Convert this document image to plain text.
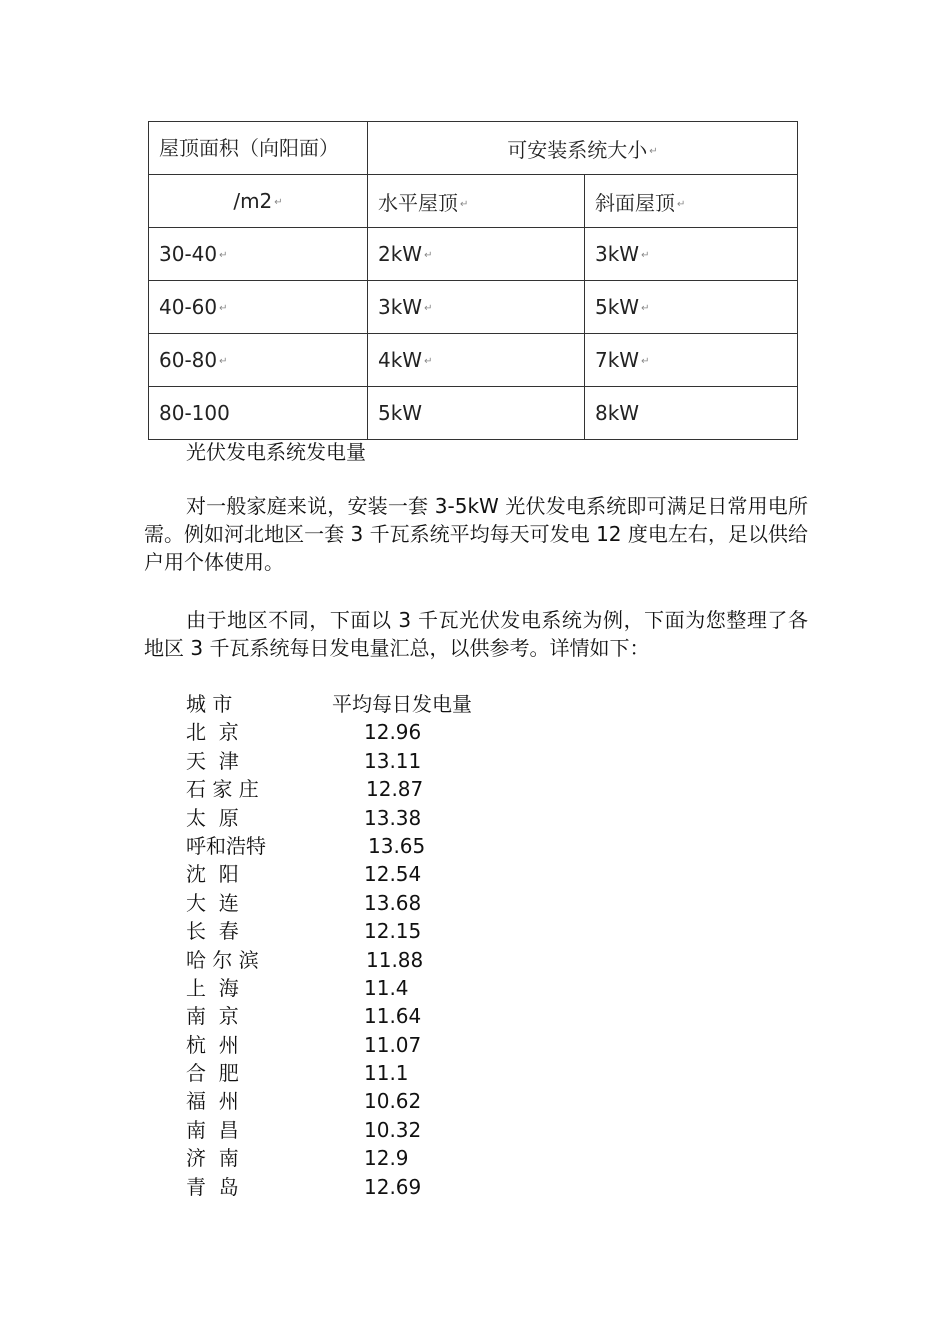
屋顶面积（向阳面）	可安装系统大小 ↵	
/m2 ↵	水平屋顶 ↵	斜面屋顶 ↵
30-40 ↵	2kW ↵	3kW ↵
40-60 ↵	3kW ↵	5kW ↵
60-80 ↵	4kW ↵	7kW ↵
80-100	5kW	8kW
光伏发电系统发电量

对一般家庭来说，安装一套 3-5kW 光伏发电系统即可满足日常用电所需。例如河北地区一套 3 千瓦系统平均每天可发电 12 度电左右，足以供给户用个体使用。

由于地区不同，下面以 3 千瓦光伏发电系统为例，下面为您整理了各地区 3 千瓦系统每日发电量汇总，以供参考。详情如下：

城 市	平均每日发电量
北  京	12.96
天  津	13.11
石 家 庄	12.87
太  原	13.38
呼和浩特	13.65
沈  阳	12.54
大  连	13.68
长  春	12.15
哈 尔 滨	11.88
上  海	11.4
南  京	11.64
杭  州	11.07
合  肥	11.1
福  州	10.62
南  昌	10.32
济  南	12.9
青  岛	12.69
